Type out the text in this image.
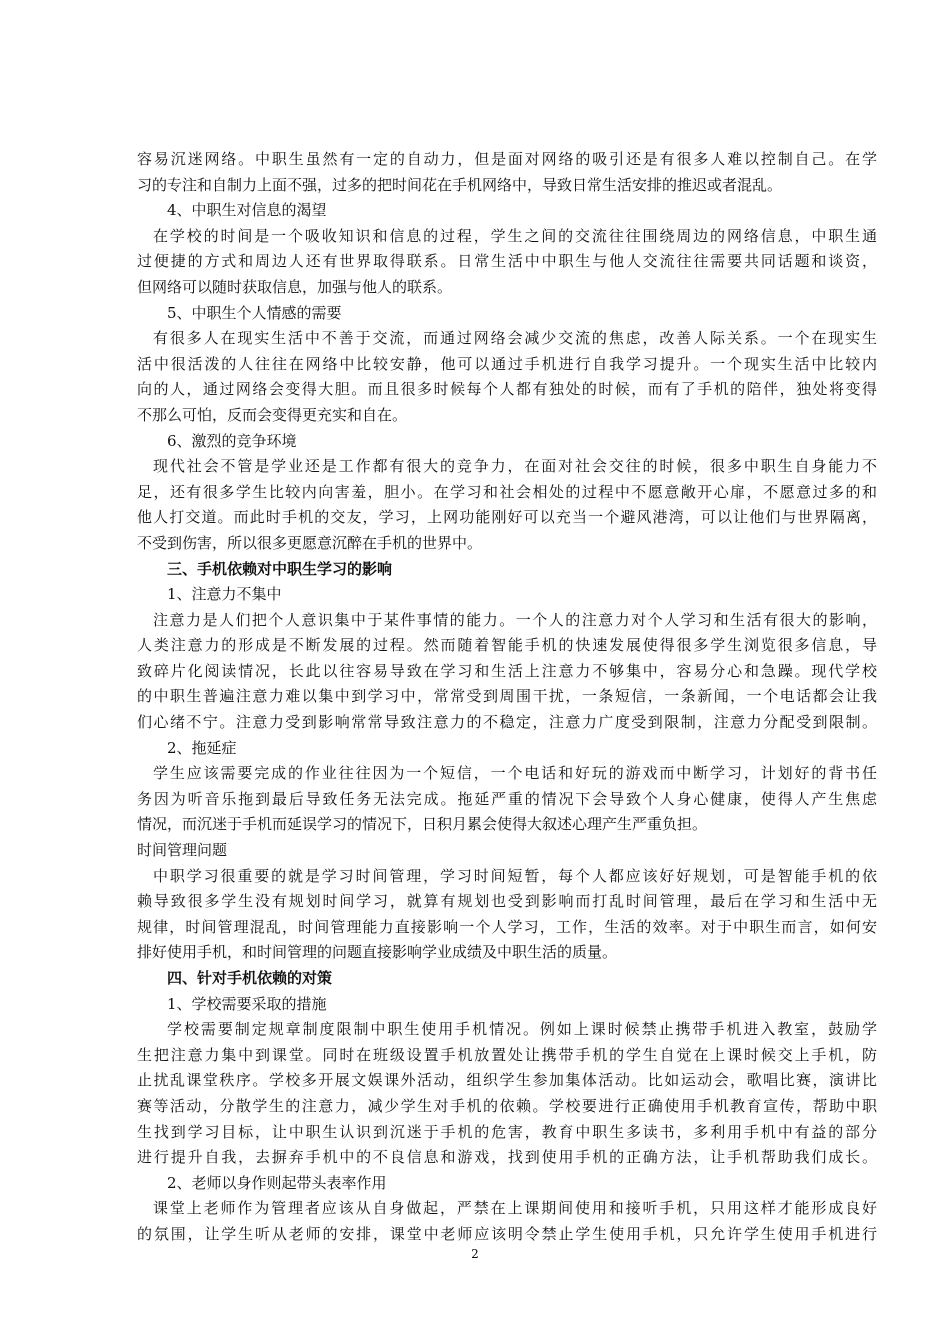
容易沉迷网络。中职生虽然有一定的自动力，但是面对网络的吸引还是有很多人难以控制自己。在学
习的专注和自制力上面不强，过多的把时间花在手机网络中，导致日常生活安排的推迟或者混乱。
4、中职生对信息的渴望
在学校的时间是一个吸收知识和信息的过程，学生之间的交流往往围绕周边的网络信息，中职生通
过便捷的方式和周边人还有世界取得联系。日常生活中中职生与他人交流往往需要共同话题和谈资，
但网络可以随时获取信息，加强与他人的联系。
5、中职生个人情感的需要
有很多人在现实生活中不善于交流，而通过网络会减少交流的焦虑，改善人际关系。一个在现实生
活中很活泼的人往往在网络中比较安静，他可以通过手机进行自我学习提升。一个现实生活中比较内
向的人，通过网络会变得大胆。而且很多时候每个人都有独处的时候，而有了手机的陪伴，独处将变得
不那么可怕，反而会变得更充实和自在。
6、激烈的竞争环境
现代社会不管是学业还是工作都有很大的竞争力，在面对社会交往的时候，很多中职生自身能力不
足，还有很多学生比较内向害羞，胆小。在学习和社会相处的过程中不愿意敞开心扉，不愿意过多的和
他人打交道。而此时手机的交友，学习，上网功能刚好可以充当一个避风港湾，可以让他们与世界隔离，
不受到伤害，所以很多更愿意沉醉在手机的世界中。
三、手机依赖对中职生学习的影响
1、注意力不集中
注意力是人们把个人意识集中于某件事情的能力。一个人的注意力对个人学习和生活有很大的影响，
人类注意力的形成是不断发展的过程。然而随着智能手机的快速发展使得很多学生浏览很多信息，导
致碎片化阅读情况，长此以往容易导致在学习和生活上注意力不够集中，容易分心和急躁。现代学校
的中职生普遍注意力难以集中到学习中，常常受到周围干扰，一条短信，一条新闻，一个电话都会让我
们心绪不宁。注意力受到影响常常导致注意力的不稳定，注意力广度受到限制，注意力分配受到限制。
2、拖延症
学生应该需要完成的作业往往因为一个短信，一个电话和好玩的游戏而中断学习，计划好的背书任
务因为听音乐拖到最后导致任务无法完成。拖延严重的情况下会导致个人身心健康，使得人产生焦虑
情况，而沉迷于手机而延误学习的情况下，日积月累会使得大叙述心理产生严重负担。
时间管理问题
中职学习很重要的就是学习时间管理，学习时间短暂，每个人都应该好好规划，可是智能手机的依
赖导致很多学生没有规划时间学习，就算有规划也受到影响而打乱时间管理，最后在学习和生活中无
规律，时间管理混乱，时间管理能力直接影响一个人学习，工作，生活的效率。对于中职生而言，如何安
排好使用手机，和时间管理的问题直接影响学业成绩及中职生活的质量。
四、针对手机依赖的对策
1、学校需要采取的措施
学校需要制定规章制度限制中职生使用手机情况。例如上课时候禁止携带手机进入教室，鼓励学
生把注意力集中到课堂。同时在班级设置手机放置处让携带手机的学生自觉在上课时候交上手机，防
止扰乱课堂秩序。学校多开展文娱课外活动，组织学生参加集体活动。比如运动会，歌唱比赛，演讲比
赛等活动，分散学生的注意力，减少学生对手机的依赖。学校要进行正确使用手机教育宣传，帮助中职
生找到学习目标，让中职生认识到沉迷于手机的危害，教育中职生多读书，多利用手机中有益的部分
进行提升自我，去摒弃手机中的不良信息和游戏，找到使用手机的正确方法，让手机帮助我们成长。
2、老师以身作则起带头表率作用
课堂上老师作为管理者应该从自身做起，严禁在上课期间使用和接听手机，只用这样才能形成良好
的氛围，让学生听从老师的安排，课堂中老师应该明令禁止学生使用手机，只允许学生使用手机进行
2
